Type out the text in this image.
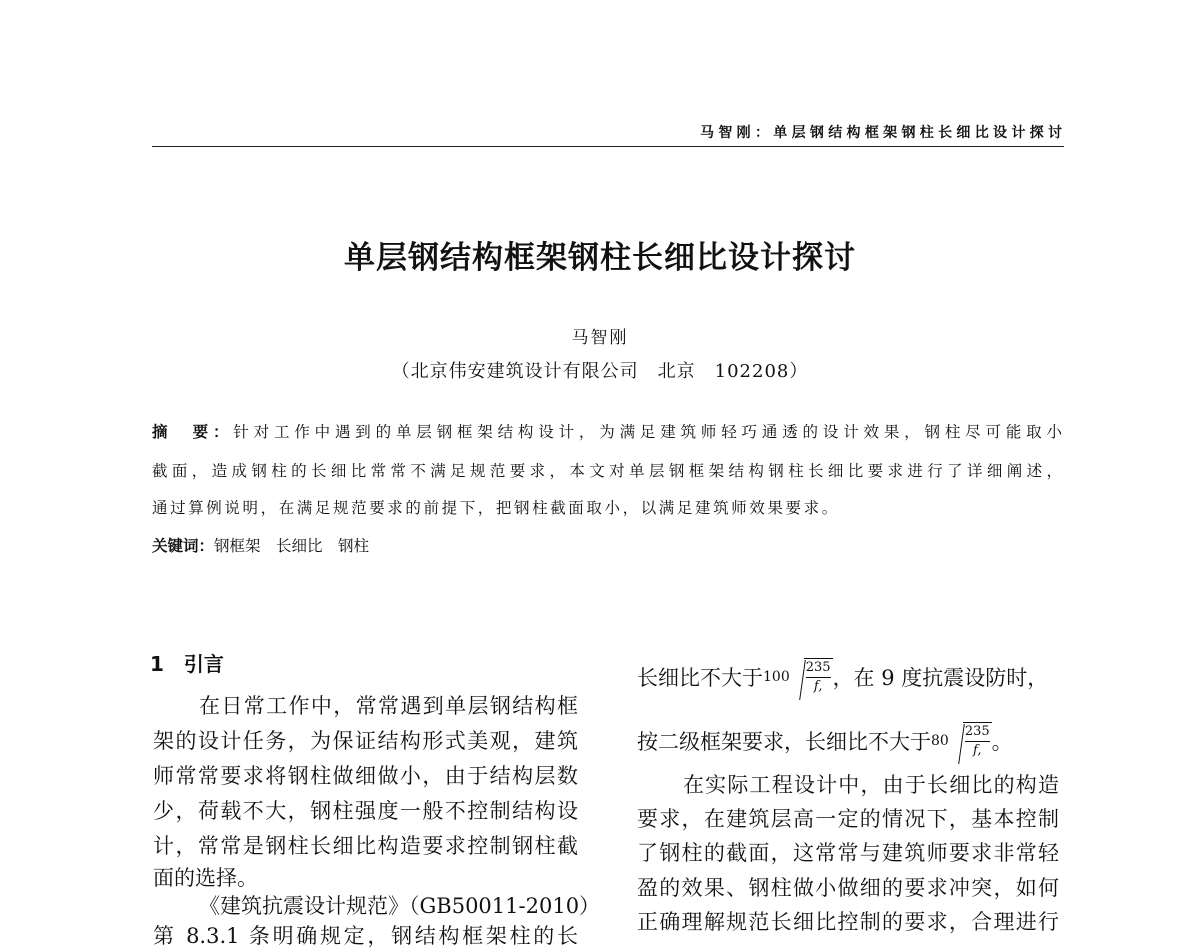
马智刚：单层钢结构框架钢柱长细比设计探讨
单层钢结构框架钢柱长细比设计探讨
马智刚
（北京伟安建筑设计有限公司　北京　102208）
摘　要：针对工作中遇到的单层钢框架结构设计，为满足建筑师轻巧通透的设计效果，钢柱尽可能取小
截面，造成钢柱的长细比常常不满足规范要求，本文对单层钢框架结构钢柱长细比要求进行了详细阐述，
通过算例说明，在满足规范要求的前提下，把钢柱截面取小，以满足建筑师效果要求。
关键词：钢框架　长细比　钢柱
1　引言
在日常工作中，常常遇到单层钢结构框
架的设计任务，为保证结构形式美观，建筑
师常常要求将钢柱做细做小，由于结构层数
少，荷载不大，钢柱强度一般不控制结构设
计，常常是钢柱长细比构造要求控制钢柱截
面的选择。
《建筑抗震设计规范》（GB50011-2010）
第 8.3.1 条明确规定，钢结构框架柱的长
长细比不大于 $100 \frac{235}{f,}$ ，在 9 度抗震设防时，
按二级框架要求，长细比不大于 $80 \frac{235}{f,}$ 。
在实际工程设计中，由于长细比的构造
要求，在建筑层高一定的情况下，基本控制
了钢柱的截面，这常常与建筑师要求非常轻
盈的效果、钢柱做小做细的要求冲突，如何
正确理解规范长细比控制的要求，合理进行
